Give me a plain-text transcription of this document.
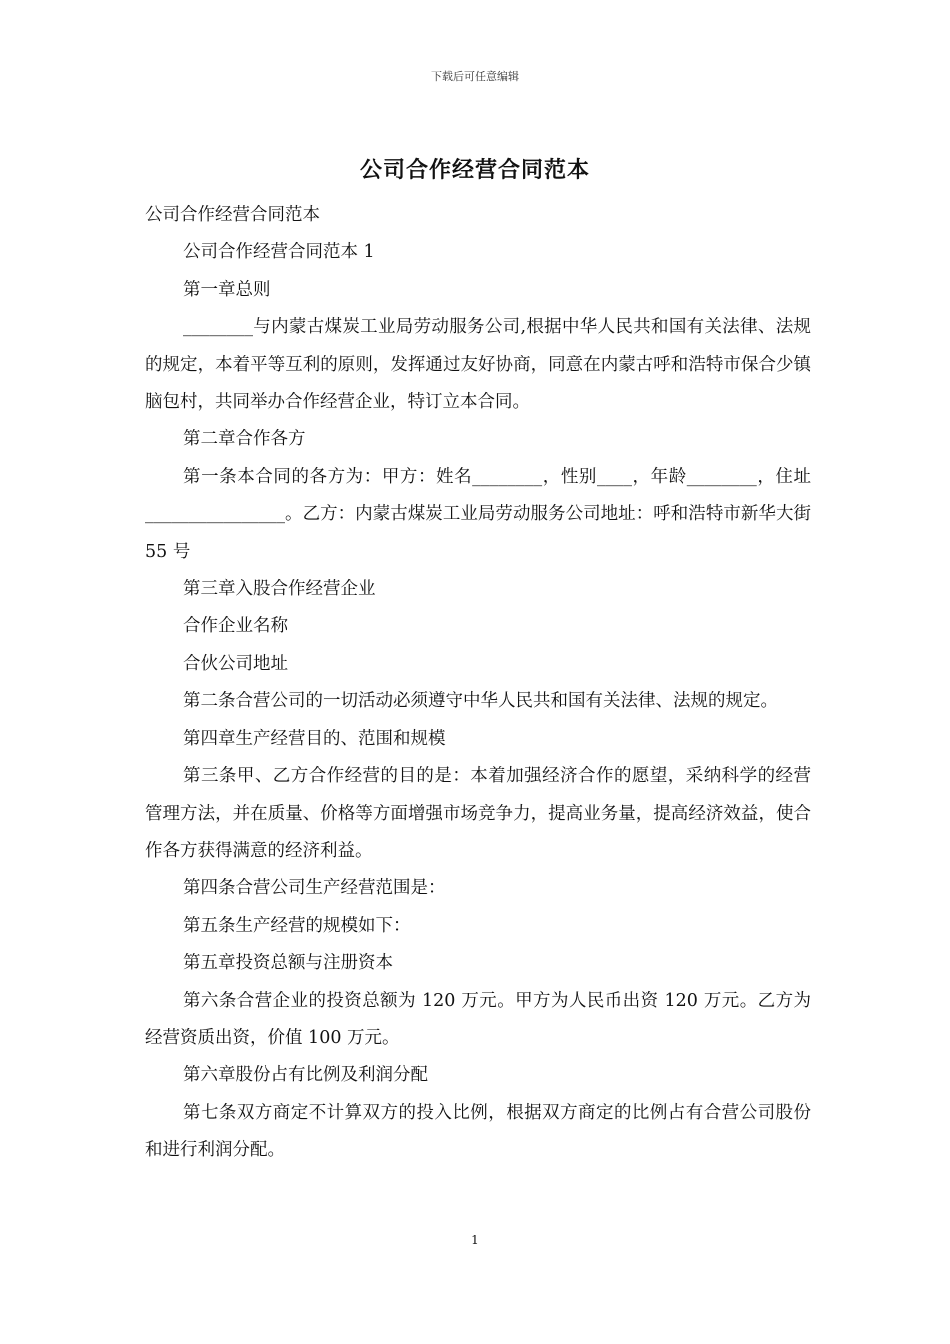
下载后可任意编辑
公司合作经营合同范本

公司合作经营合同范本

公司合作经营合同范本 1

第一章总则

________与内蒙古煤炭工业局劳动服务公司,根据中华人民共和国有关法律、法规的规定，本着平等互利的原则，发挥通过友好协商，同意在内蒙古呼和浩特市保合少镇脑包村，共同举办合作经营企业，特订立本合同。

第二章合作各方

第一条本合同的各方为：甲方：姓名________，性别____，年龄________，住址________________。乙方：内蒙古煤炭工业局劳动服务公司地址：呼和浩特市新华大街 55 号

第三章入股合作经营企业

合作企业名称

合伙公司地址

第二条合营公司的一切活动必须遵守中华人民共和国有关法律、法规的规定。

第四章生产经营目的、范围和规模

第三条甲、乙方合作经营的目的是：本着加强经济合作的愿望，采纳科学的经营管理方法，并在质量、价格等方面增强市场竞争力，提高业务量，提高经济效益，使合作各方获得满意的经济利益。

第四条合营公司生产经营范围是：

第五条生产经营的规模如下：

第五章投资总额与注册资本

第六条合营企业的投资总额为 120 万元。甲方为人民币出资 120 万元。乙方为经营资质出资，价值 100 万元。

第六章股份占有比例及利润分配

第七条双方商定不计算双方的投入比例，根据双方商定的比例占有合营公司股份和进行利润分配。

1
